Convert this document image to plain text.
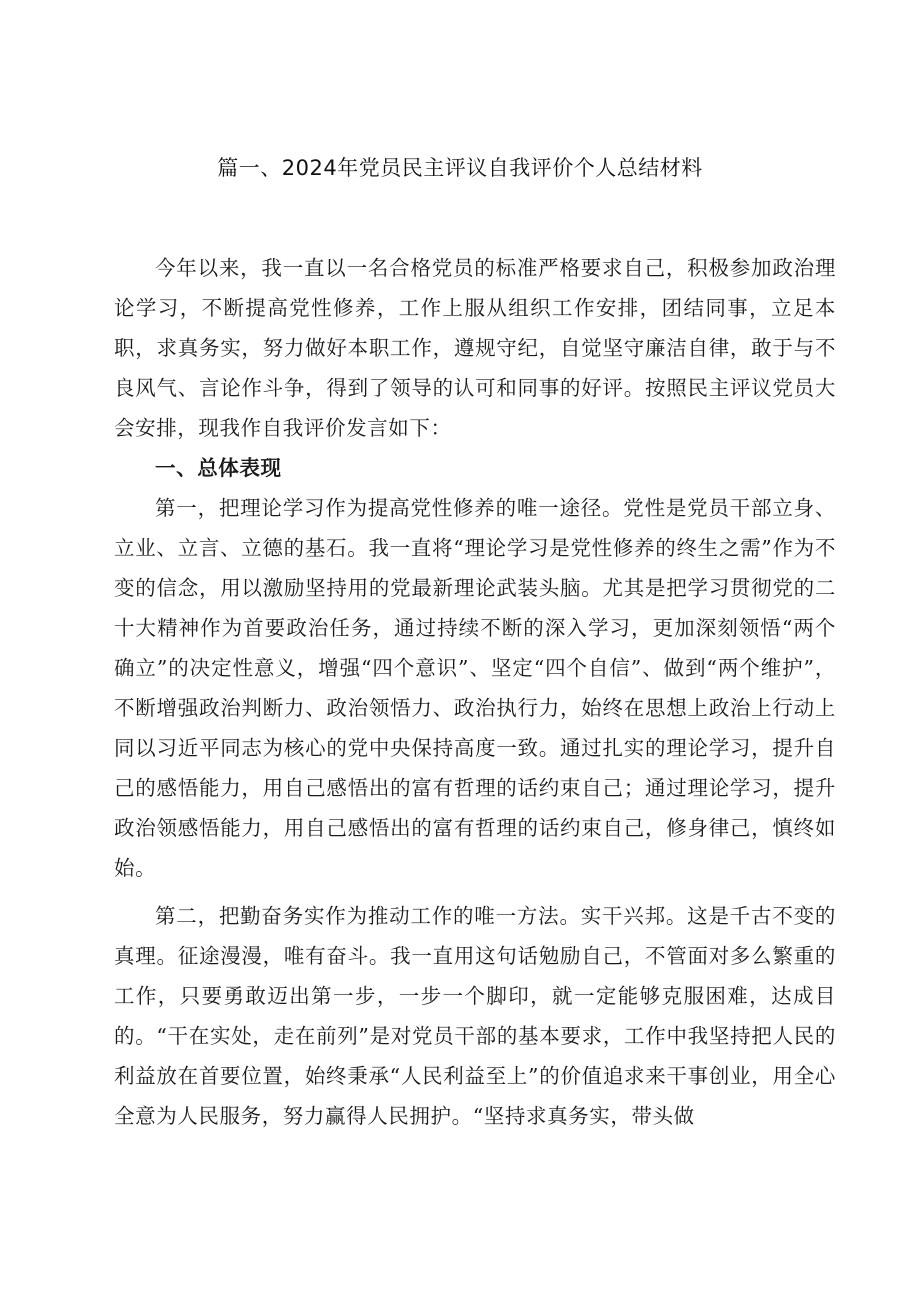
篇一、2024年党员民主评议自我评价个人总结材料

今年以来，我一直以一名合格党员的标准严格要求自己，积极参加政治理论学习，不断提高党性修养，工作上服从组织工作安排，团结同事，立足本职，求真务实，努力做好本职工作，遵规守纪，自觉坚守廉洁自律，敢于与不良风气、言论作斗争，得到了领导的认可和同事的好评。按照民主评议党员大会安排，现我作自我评价发言如下：

一、总体表现

第一，把理论学习作为提高党性修养的唯一途径。党性是党员干部立身、立业、立言、立德的基石。我一直将“理论学习是党性修养的终生之需”作为不变的信念，用以激励坚持用的党最新理论武装头脑。尤其是把学习贯彻党的二十大精神作为首要政治任务，通过持续不断的深入学习，更加深刻领悟“两个确立”的决定性意义，增强“四个意识”、坚定“四个自信”、做到“两个维护”，不断增强政治判断力、政治领悟力、政治执行力，始终在思想上政治上行动上同以习近平同志为核心的党中央保持高度一致。通过扎实的理论学习，提升自己的感悟能力，用自己感悟出的富有哲理的话约束自己；通过理论学习，提升政治领感悟能力，用自己感悟出的富有哲理的话约束自己，修身律己，慎终如始。

第二，把勤奋务实作为推动工作的唯一方法。实干兴邦。这是千古不变的真理。征途漫漫，唯有奋斗。我一直用这句话勉励自己，不管面对多么繁重的工作，只要勇敢迈出第一步，一步一个脚印，就一定能够克服困难，达成目的。“干在实处，走在前列”是对党员干部的基本要求，工作中我坚持把人民的利益放在首要位置，始终秉承“人民利益至上”的价值追求来干事创业，用全心全意为人民服务，努力赢得人民拥护。“坚持求真务实，带头做
